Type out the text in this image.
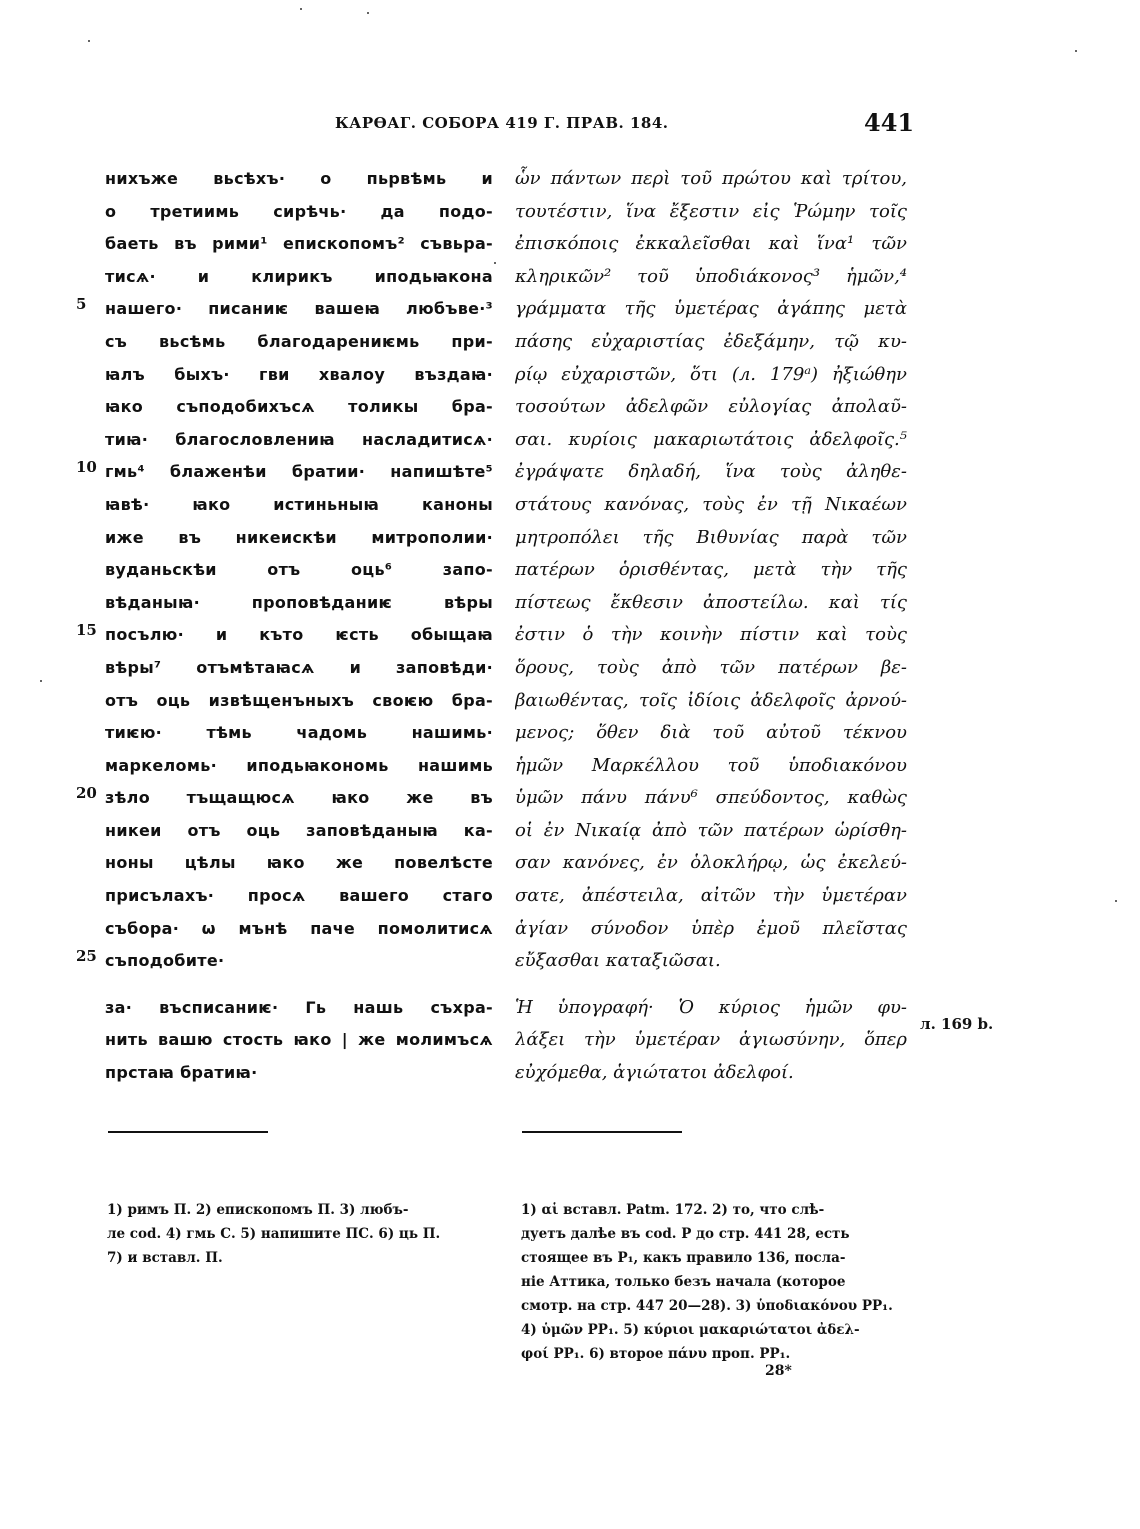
КАРѲАГ. СОБОРА 419 Г. ПРАВ. 184.	441
5
10
15
20
25
нихъже вьсѣхъ· о пьрвѣмь и
о третиимь сирѣчь· да подо-
баеть въ рими¹ епископомъ² съвьра-
тисѧ· и клирикъ иподьꙗкона
нашего· писаниѥ вашеꙗ любъве·³
съ вьсѣмь благодарениѥмь при-
ꙗлъ быхъ· гви хвалоу въздаꙗ·
ꙗко съподобихъсѧ толикы бра-
тиꙗ· благословлениꙗ насладитисѧ·
гмь⁴ блаженѣи братии· напишѣте⁵
ꙗвѣ· ꙗко истиньныꙗ каноны
иже въ никеискѣи митрополии·
вуданьскѣи отъ оць⁶ запо-
вѣданыꙗ· проповѣданиѥ вѣры
посълю· и къто ѥсть обыщаꙗ
вѣры⁷ отъмѣтаꙗсѧ и заповѣди·
отъ оць извѣщенъныхъ своѥю бра-
тиѥю· тѣмь чадомь нашимь·
маркеломь· иподьꙗкономь нашимь
зѣло тъщащюсѧ ꙗко же въ
никеи отъ оць заповѣданыꙗ ка-
ноны цѣлы ꙗко же повелѣсте
присълахъ· просѧ вашего стаго
събора· ѡ мънѣ паче помолитисѧ
съподобите·
за· въсписаниѥ· Гь нашь съхра-
нить вашю стость ꙗко | же молимъсѧ
прстаꙗ братиꙗ·
ὧν πάντων περὶ τοῦ πρώτου καὶ τρίτου,
τουτέστιν, ἵνα ἔξεστιν εἰς Ῥώμην τοῖς
ἐπισκόποις ἐκκαλεῖσθαι καὶ ἵνα¹ τῶν
κληρικῶν² τοῦ ὑποδιάκονος³ ἡμῶν,⁴
γράμματα τῆς ὑμετέρας ἀγάπης μετὰ
πάσης εὐχαριστίας ἐδεξάμην, τῷ κυ-
ρίῳ εὐχαριστῶν, ὅτι (л. 179ᵃ) ἠξιώθην
τοσούτων ἀδελφῶν εὐλογίας ἀπολαῦ-
σαι. κυρίοις μακαριωτάτοις ἀδελφοῖς.⁵
ἐγράψατε δηλαδή, ἵνα τοὺς ἀληθε-
στάτους κανόνας, τοὺς ἐν τῇ Νικαέων
μητροπόλει τῆς Βιθυνίας παρὰ τῶν
πατέρων ὁρισθέντας, μετὰ τὴν τῆς
πίστεως ἔκθεσιν ἀποστείλω. καὶ τίς
ἐστιν ὁ τὴν κοινὴν πίστιν καὶ τοὺς
ὅρους, τοὺς ἀπὸ τῶν πατέρων βε-
βαιωθέντας, τοῖς ἰδίοις ἀδελφοῖς ἀρνού-
μενος; ὅθεν διὰ τοῦ αὐτοῦ τέκνου
ἡμῶν Μαρκέλλου τοῦ ὑποδιακόνου
ὑμῶν πάνυ πάνυ⁶ σπεύδοντος, καθὼς
οἱ ἐν Νικαίᾳ ἀπὸ τῶν πατέρων ὡρίσθη-
σαν κανόνες, ἐν ὁλοκλήρῳ, ὡς ἐκελεύ-
σατε, ἀπέστειλα, αἰτῶν τὴν ὑμετέραν
ἁγίαν σύνοδον ὑπὲρ ἐμοῦ πλεῖστας
εὔξασθαι καταξιῶσαι.
Ἡ ὑπογραφή· Ὁ κύριος ἡμῶν φυ-
λάξει τὴν ὑμετέραν ἁγιωσύνην, ὅπερ
εὐχόμεθα, ἁγιώτατοι ἀδελφοί.
л. 169 b.

1) римъ П. 2) епископомъ П. 3) любъ-

ле cod. 4) гмь С. 5) напишите ПС. 6) ць П.

7) и вставл. П.

1) αἱ вставл. Patm. 172. 2) то, что слѣ-

дуетъ далѣе въ cod. Р до стр. 441 28, есть

стоящее въ P₁, какъ правило 136, посла-

ніе Аттика, только безъ начала (которое

смотр. на стр. 447 20—28). 3) ὑποδιακόνου PP₁.

4) ὑμῶν PP₁. 5) κύριοι μακαριώτατοι ἀδελ-

φοί PP₁. 6) второе πάνυ проп. PP₁.

28*
